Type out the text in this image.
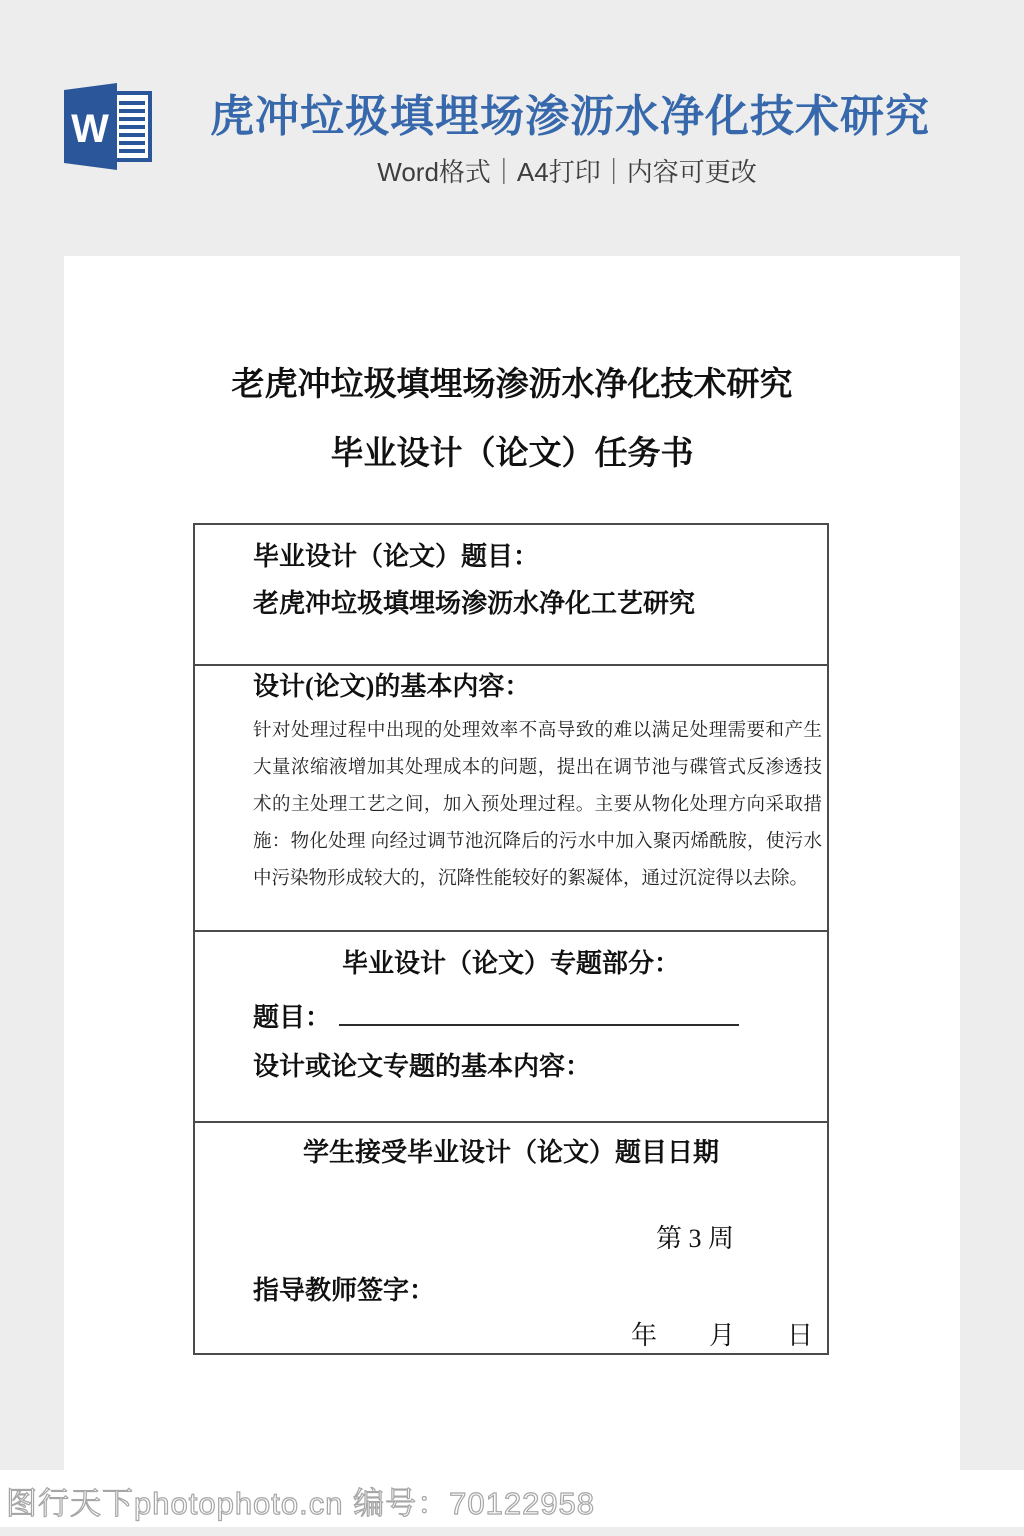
W	虎冲垃圾填埋场渗沥水净化技术研究
Word格式｜A4打印｜内容可更改
老虎冲垃圾填埋场渗沥水净化技术研究
毕业设计（论文）任务书
毕业设计（论文）题目：
老虎冲垃圾填埋场渗沥水净化工艺研究
设计(论文)的基本内容：
针对处理过程中出现的处理效率不高导致的难以满足处理需要和产生大量浓缩液增加其处理成本的问题，提出在调节池与碟管式反渗透技术的主处理工艺之间，加入预处理过程。主要从物化处理方向采取措施：物化处理 向经过调节池沉降后的污水中加入聚丙烯酰胺，使污水中污染物形成较大的，沉降性能较好的絮凝体，通过沉淀得以去除。
毕业设计（论文）专题部分：
题目：
设计或论文专题的基本内容：
学生接受毕业设计（论文）题目日期
第 3 周
指导教师签字：
年　　月　　日
图行天下photophoto.cn 编号：70122958
